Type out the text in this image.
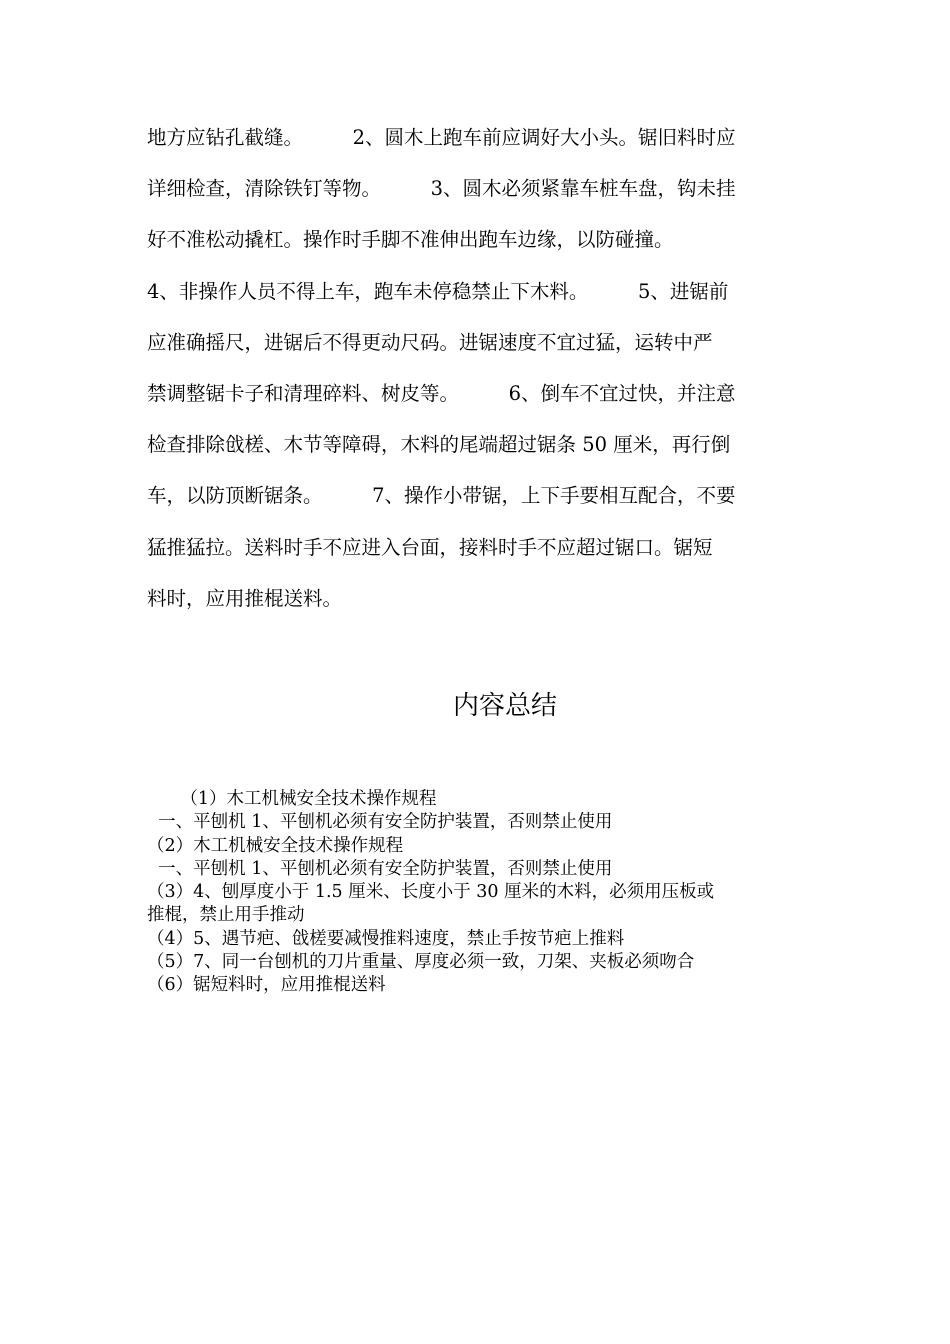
地方应钻孔截缝。        2、圆木上跑车前应调好大小头。锯旧料时应
详细检查，清除铁钉等物。        3、圆木必须紧靠车桩车盘，钩未挂
好不准松动撬杠。操作时手脚不准伸出跑车边缘，以防碰撞。
4、非操作人员不得上车，跑车未停稳禁止下木料。        5、进锯前
应准确摇尺，进锯后不得更动尺码。进锯速度不宜过猛，运转中严
禁调整锯卡子和清理碎料、树皮等。        6、倒车不宜过快，并注意
检查排除戗槎、木节等障碍，木料的尾端超过锯条 50 厘米，再行倒
车，以防顶断锯条。        7、操作小带锯，上下手要相互配合，不要
猛推猛拉。送料时手不应进入台面，接料时手不应超过锯口。锯短
料时，应用推棍送料。
内容总结
（1）木工机械安全技术操作规程
一、平刨机 1、平刨机必须有安全防护装置，否则禁止使用
（2）木工机械安全技术操作规程
一、平刨机 1、平刨机必须有安全防护装置，否则禁止使用
（3）4、刨厚度小于 1.5 厘米、长度小于 30 厘米的木料，必须用压板或
推棍，禁止用手推动
（4）5、遇节疤、戗槎要减慢推料速度，禁止手按节疤上推料
（5）7、同一台刨机的刀片重量、厚度必须一致，刀架、夹板必须吻合
（6）锯短料时，应用推棍送料
